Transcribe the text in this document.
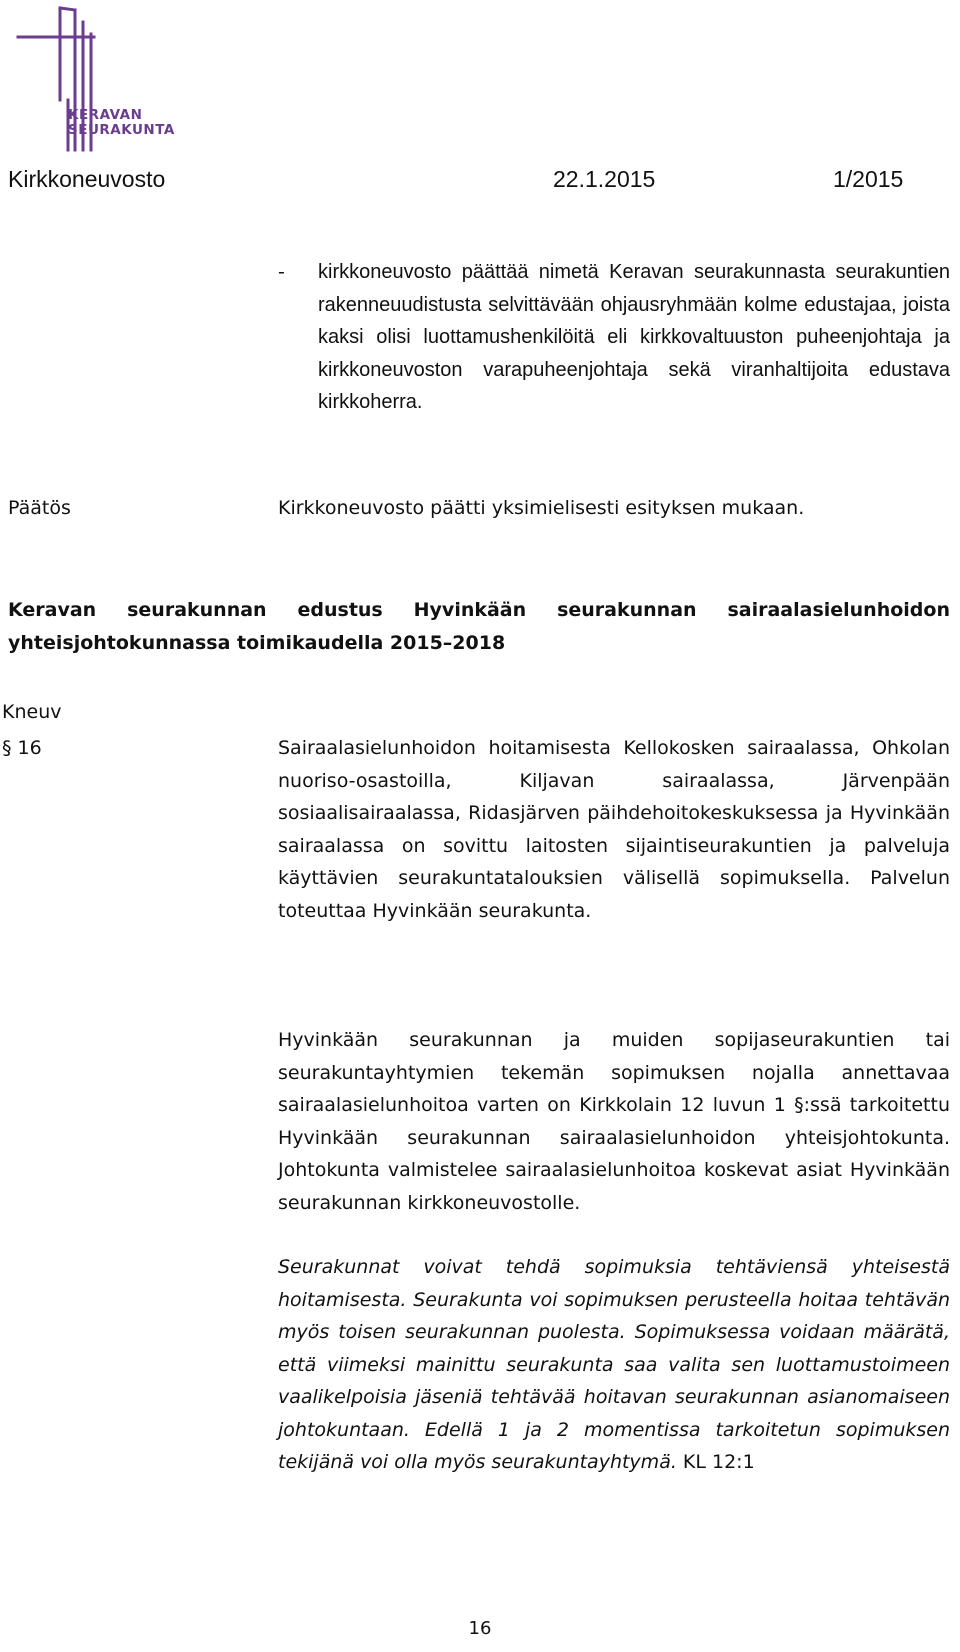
KERAVAN
SEURAKUNTA
Kirkkoneuvosto	22.1.2015	1/2015
- kirkkoneuvosto päättää nimetä Keravan seurakunnasta seurakuntien rakenneuudistusta selvittävään ohjausryhmään kolme edustajaa, joista kaksi olisi luottamushenkilöitä eli kirkkovaltuuston puheenjohtaja ja kirkkoneuvoston varapuheenjohtaja sekä viranhaltijoita edustava kirkkoherra.
Päätös	Kirkkoneuvosto päätti yksimielisesti esityksen mukaan.
Keravan seurakunnan edustus Hyvinkään seurakunnan sairaalasielunhoidon yhteisjohtokunnassa toimikaudella 2015–2018
Kneuv
§ 16	Sairaalasielunhoidon hoitamisesta Kellokosken sairaalassa, Ohkolan nuoriso-osastoilla, Kiljavan sairaalassa, Järvenpään sosiaalisairaalassa, Ridasjärven päihdehoitokeskuksessa ja Hyvinkään sairaalassa on sovittu laitosten sijaintiseurakuntien ja palveluja käyttävien seurakuntatalouksien välisellä sopimuksella. Palvelun toteuttaa Hyvinkään seurakunta.
Hyvinkään seurakunnan ja muiden sopijaseurakuntien tai seurakuntayhtymien tekemän sopimuksen nojalla annettavaa sairaalasielunhoitoa varten on Kirkkolain 12 luvun 1 §:ssä tarkoitettu Hyvinkään seurakunnan sairaalasielunhoidon yhteisjohtokunta. Johtokunta valmistelee sairaalasielunhoitoa koskevat asiat Hyvinkään seurakunnan kirkkoneuvostolle.
Seurakunnat voivat tehdä sopimuksia tehtäviensä yhteisestä hoitamisesta. Seurakunta voi sopimuksen perusteella hoitaa tehtävän myös toisen seurakunnan puolesta. Sopimuksessa voidaan määrätä, että viimeksi mainittu seurakunta saa valita sen luottamustoimeen vaalikelpoisia jäseniä tehtävää hoitavan seurakunnan asianomaiseen johtokuntaan. Edellä 1 ja 2 momentissa tarkoitetun sopimuksen tekijänä voi olla myös seurakuntayhtymä. KL 12:1
16
